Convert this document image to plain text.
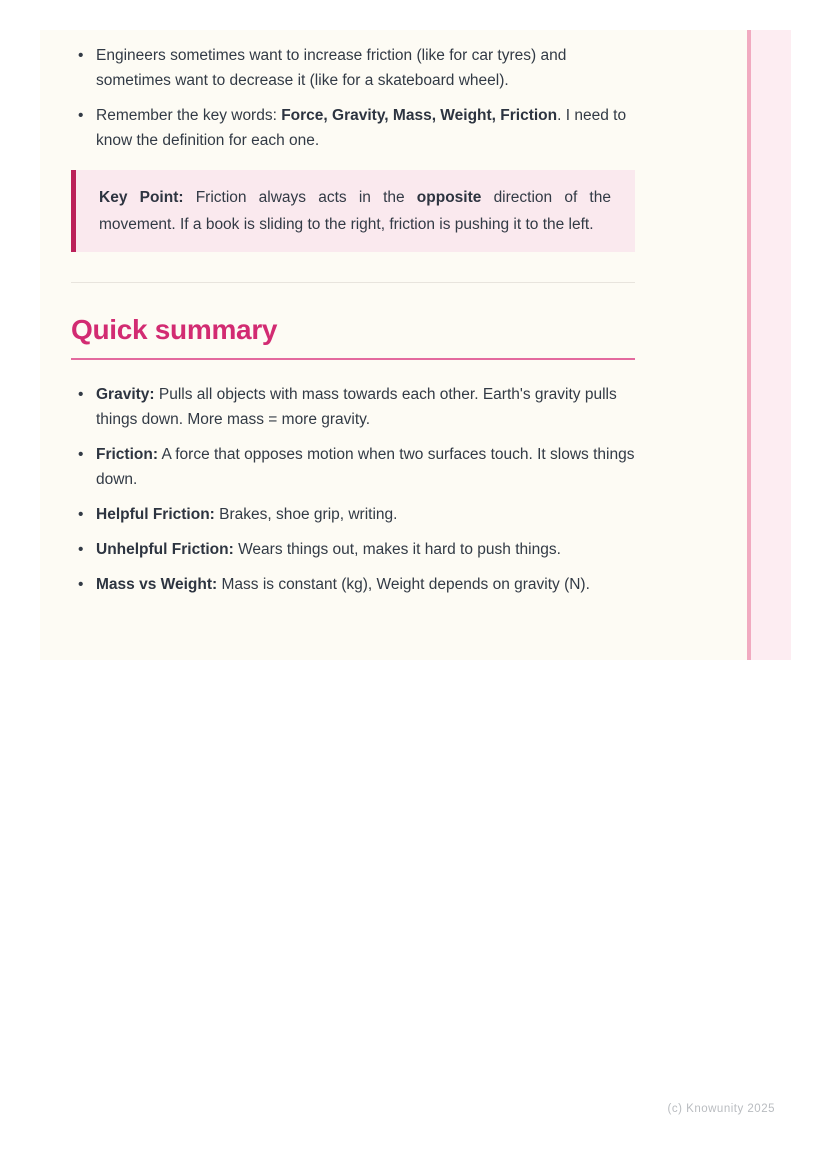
• Engineers sometimes want to increase friction (like for car tyres) and sometimes want to decrease it (like for a skateboard wheel).
• Remember the key words: Force, Gravity, Mass, Weight, Friction. I need to know the definition for each one.
Key Point: Friction always acts in the opposite direction of the movement. If a book is sliding to the right, friction is pushing it to the left.
Quick summary
• Gravity: Pulls all objects with mass towards each other. Earth's gravity pulls things down. More mass = more gravity.
• Friction: A force that opposes motion when two surfaces touch. It slows things down.
• Helpful Friction: Brakes, shoe grip, writing.
• Unhelpful Friction: Wears things out, makes it hard to push things.
• Mass vs Weight: Mass is constant (kg), Weight depends on gravity (N).
(c) Knowunity 2025
